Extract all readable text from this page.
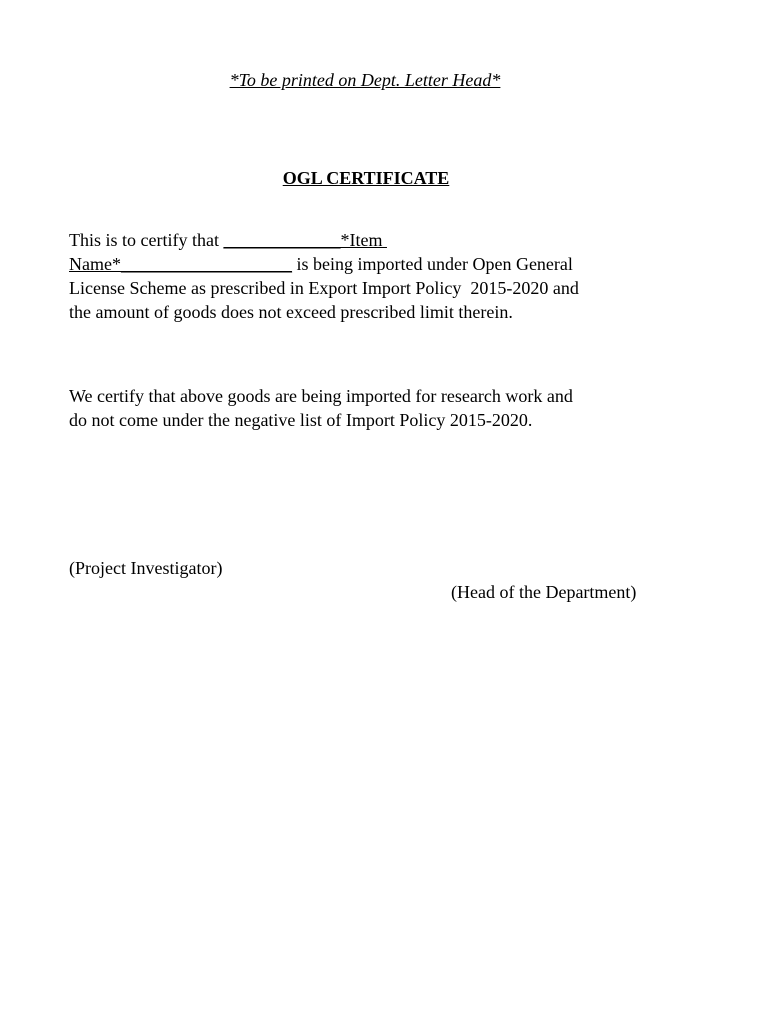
*To be printed on Dept. Letter Head*
OGL CERTIFICATE
This is to certify that _____________*Item
Name*___________________ is being imported under Open General
License Scheme as prescribed in Export Import Policy  2015-2020 and
the amount of goods does not exceed prescribed limit therein.
We certify that above goods are being imported for research work and
do not come under the negative list of Import Policy 2015-2020.
(Project Investigator)
(Head of the Department)
